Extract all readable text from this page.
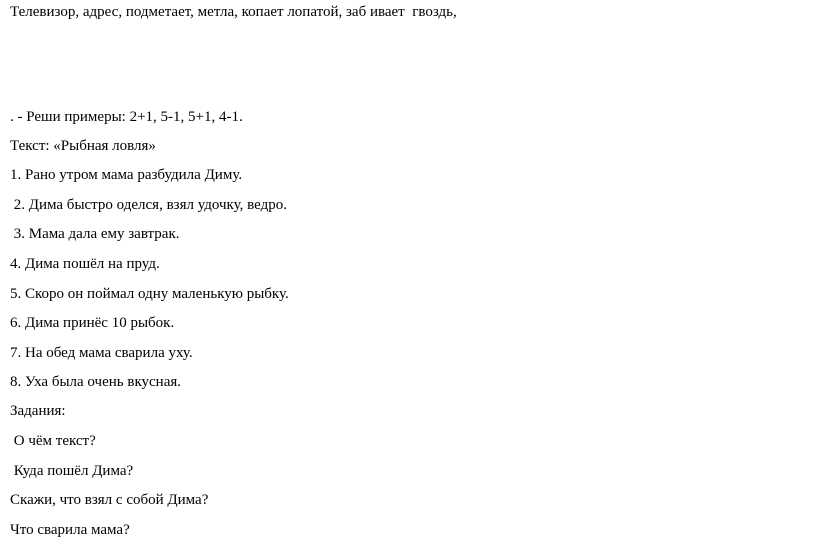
Телевизор, адрес, подметает, метла, копает лопатой, заб ивает  гвоздь,

. - Реши примеры: 2+1, 5-1, 5+1, 4-1.

Текст: «Рыбная ловля»

1. Рано утром мама разбудила Диму.

2. Дима быстро оделся, взял удочку, ведро.

3. Мама дала ему завтрак.

4. Дима пошёл на пруд.

5. Скоро он поймал одну маленькую рыбку.

6. Дима принёс 10 рыбок.

7. На обед мама сварила уху.

8. Уха была очень вкусная.

Задания:

О чём текст?

Куда пошёл Дима?

Скажи, что взял с собой Дима?

Что сварила мама?
